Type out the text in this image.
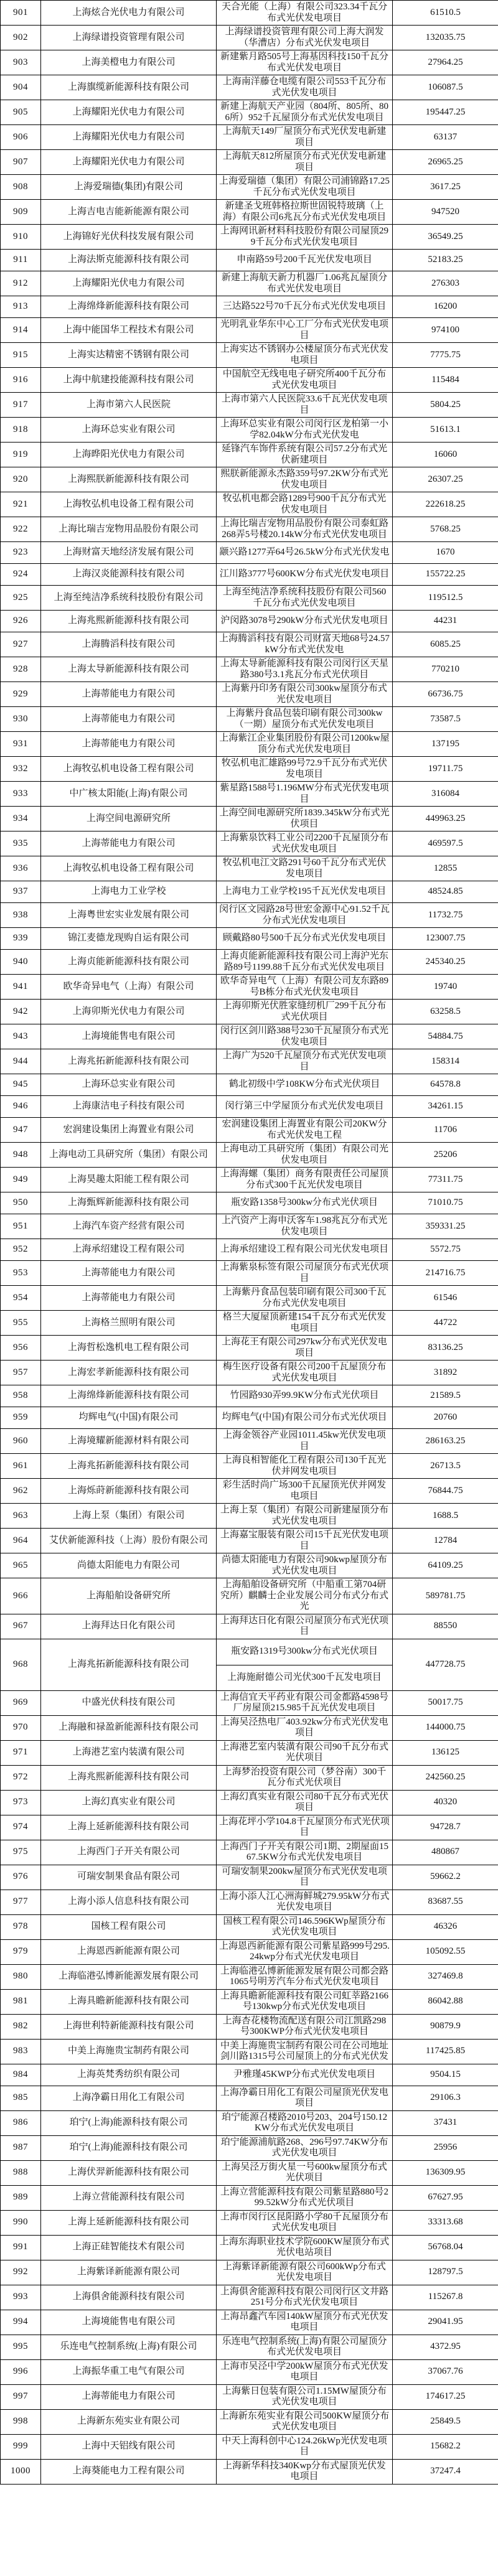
901	上海炫合光伏电力有限公司	天合光能（上海）有限公司323.34千瓦分布式光伏发电项目	61510.5
902	上海绿谱投资管理有限公司	上海绿谱投资管理有限公司上海大润发（华漕店）分布式光伏发电项目	132035.75
903	上海美橙电力有限公司	新建紫月路505号上海基因科技150千瓦分布式光伏发电项目	27964.25
904	上海旗缆新能源科技有限公司	上海南洋藤仓电缆有限公司553千瓦分布式光伏发电项目	106087.5
905	上海耀阳光伏电力有限公司	新建上海航天产业园（804所、805所、806所）952千瓦屋顶分布式光伏发电项目	195447.25
906	上海耀阳光伏电力有限公司	上海航天149厂屋顶分布式光伏发电新建项目	63137
907	上海耀阳光伏电力有限公司	上海航天812所屋顶分布式光伏发电新建项目	26965.25
908	上海爱瑞德(集团)有限公司	上海爱瑞德（集团）有限公司浦锦路17.25千瓦分布式光伏发电项目	3617.25
909	上海吉电吉能新能源有限公司	新建圣戈班韩格拉斯世固锐特玻璃（上海）有限公司6兆瓦分布式光伏发电项目	947520
910	上海锦好光伏科技发展有限公司	上海网讯新材料科技股份有限公司屋顶299千瓦分布式光伏发电项目	36549.25
911	上海法斯克能源科技有限公司	申南路59号200千瓦光伏发电项目	52183.25
912	上海耀阳光伏电力有限公司	新建上海航天新力机器厂1.06兆瓦屋顶分布式光伏发电项目	276303
913	上海绵烽新能源科技有限公司	三达路522号70千瓦分布式光伏发电项目	16200
914	上海中能国华工程技术有限公司	光明乳业华东中心工厂分布式光伏发电项目	974100
915	上海实达精密不锈钢有限公司	上海实达不锈钢办公楼屋顶分布式光伏发电项目	7775.75
916	上海中航建投能源科技有限公司	中国航空无线电电子研究所400千瓦分布式光伏发电项目	115484
917	上海市第六人民医院	上海市第六人民医院33.6千瓦光伏发电项目	5804.25
918	上海环总实业有限公司	上海环总实业有限公司闵行区龙柏第一小学82.04kW分布式光伏发电	51613.1
919	上海晔阳光伏电力有限公司	延锋汽车饰件系统有限公司57.2分布式光伏新建项目	16060
920	上海熙朕新能源科技有限公司	熙朕新能源永杰路359号97.2KW分布式光伏发电项目	26307.25
921	上海牧弘机电设备工程有限公司	牧弘机电都会路1289号900千瓦分布式光伏发电项目	222618.25
922	上海比瑞吉宠物用品股份有限公司	上海比瑞吉宠物用品股份有限公司泰虹路268弄5号楼20.14kW分布式光伏发电项目	5768.25
923	上海财富天地经济发展有限公司	颛兴路1277弄64号26.5kW分布式光伏发电	1670
924	上海汉炎能源科技有限公司	江川路3777号600KW分布式光伏发电项目	155722.25
925	上海至纯洁净系统科技股份有限公司	上海至纯洁净系统科技股份有限公司560千瓦分布式光伏发电项目	119512.5
926	上海兆熙新能源科技有限公司	沪闵路3078号290kW分布式光伏发电项目	44231
927	上海腾滔科技有限公司	上海腾滔科技有限公司财富天地68号24.57kW分布式光伏发电	6085.25
928	上海太导新能源科技有限公司	上海太导新能源科技有限公司闵行区天星路380号3.1兆瓦分布式光伏项目	770210
929	上海蒂能电力有限公司	上海紫丹印务有限公司300kw屋顶分布式光伏发电项目	66736.75
930	上海蒂能电力有限公司	上海紫丹食品包装印刷有限公司300kw（一期）屋顶分布式光伏发电项目	73587.5
931	上海蒂能电力有限公司	上海紫江企业集团股份有限公司1200kw屋顶分布式光伏发电项目	137195
932	上海牧弘机电设备工程有限公司	牧弘机电汇雄路99号72.9千瓦分布式光伏发电项目	19711.75
933	中广核太阳能(上海)有限公司	紫星路1588号1.196MW分布式光伏发电项目	316084
934	上海空间电源研究所	上海空间电源研究所1839.345kW分布式光伏项目	449963.25
935	上海蒂能电力有限公司	上海紫泉饮料工业公司2200千瓦屋顶分布式光伏发电项目	469597.5
936	上海牧弘机电设备工程有限公司	牧弘机电江文路291号60千瓦分布式光伏发电项目	12855
937	上海电力工业学校	上海电力工业学校195千瓦光伏发电项目	48524.85
938	上海粤世宏实业发展有限公司	闵行区文园路28号世宏金源中心91.52千瓦分布式光伏发电项目	11732.75
939	锦江麦德龙现购自运有限公司	顾戴路80号500千瓦分布式光伏发电项目	123007.75
940	上海贞能新能源科技有限公司	上海贞能新能源科技有限公司上海沪光东路89号1199.88千瓦分布式光伏发电项目	245340.25
941	欧华奇异电气（上海）有限公司	欧华奇异电气（上海）有限公司友东路89号B栋分布式光伏发电项目	19740
942	上海卯斯光伏电力有限公司	上海卯斯光伏胜家缝纫机厂299千瓦分布式光伏项目	63258.5
943	上海境能售电有限公司	闵行区剑川路388号230千瓦屋顶分布式光伏发电项目	54884.75
944	上海兆拓新能源科技有限公司	上海广为520千瓦屋顶分布式光伏发电项目	158314
945	上海环总实业有限公司	鹤北初级中学108KW分布式光伏项目	64578.8
946	上海康洁电子科技有限公司	闵行第三中学屋顶分布式光伏发电项目	34261.15
947	宏润建设集团上海置业有限公司	宏润建设集团上海置业有限公司20KW分布式光伏发电工程	11706
948	上海电动工具研究所（集团）有限公司	上海电动工具研究所（集团）有限公司光伏发电项目	25206
949	上海昊趣太阳能工程有限公司	上海海螺（集团）商务有限责任公司屋顶分布式300千瓦光伏发电项目	77311.75
950	上海甄辉新能源科技有限公司	瓶安路1358号300kw分布式光伏项目	71010.75
951	上海汽车资产经营有限公司	上汽资产上海申沃客车1.98兆瓦分布式光伏发电项目	359331.25
952	上海承绍建设工程有限公司	上海承绍建设工程有限公司光伏发电项目	5572.75
953	上海蒂能电力有限公司	上海紫泉标签有限公司屋顶分布式光伏项目	214716.75
954	上海蒂能电力有限公司	上海紫丹食品包装印刷有限公司300千瓦分布式光伏发电项目	61546
955	上海格兰照明有限公司	格兰大厦屋顶新建154千瓦分布式光伏发电项目	44722
956	上海哲松逸机电工程有限公司	上海花王有限公司297kw分布式光伏发电项目	83136.25
957	上海宏孝新能源科技有限公司	梅生医疗设备有限公司200千瓦屋顶分布式光伏发电项目	31892
958	上海绵烽新能源科技有限公司	竹园路930弄99.9KW分布式光伏项目	21589.5
959	均辉电气(中国)有限公司	均辉电气(中国)有限公司分布式光伏项目	20760
960	上海境耀新能源材料有限公司	上海金领谷产业园1011.45kw光伏发电项目	286163.25
961	上海兆拓新能源科技有限公司	上海良相智能化工程有限公司130千瓦光伏并网发电项目	26713.5
962	上海烁莳新能源科技有限公司	彩生活时尚广场300千瓦屋顶光伏并网发电项目	76844.75
963	上海上泵（集团）有限公司	上海上泵（集团）有限公司新建屋顶分布式光伏发电项目	1688.5
964	艾伏新能源科技（上海）股份有限公司	上海嘉宝服装有限公司15千瓦光伏发电项目	12784
965	尚德太阳能电力有限公司	尚德太阳能电力有限公司90kwp屋顶分布式光伏发电项目	64109.25
966	上海船舶设备研究所	上海船舶设备研究所（中船重工第704研究所）麒麟士企业发展公司分布式分布式光	589781.75
967	上海拜达日化有限公司	上海拜达日化有限公司屋顶分布式光伏项目	88550
968	上海兆拓新能源科技有限公司	瓶安路1319号300kw分布式光伏项目
上海施耐德公司光伏300千瓦发电项目	447728.75
969	中盛光伏科技有限公司	上海信宜天平药业有限公司金都路4598号厂房屋顶215.985千瓦光伏发电项目	50017.75
970	上海融和禄盈新能源科技有限公司	上海吴泾热电厂403.92kw分布式光伏发电项目	144000.75
971	上海港艺室内装潢有限公司	上海港艺室内装潢有限公司90千瓦分布式光伏项目	136125
972	上海兆熙新能源科技有限公司	上海梦治投资有限公司（梦谷南）300千瓦分布式光伏项目	242560.25
973	上海幻真实业有限公司	上海幻真实业有限公司80千瓦分布式光伏项目	40320
974	上海上延新能源科技有限公司	上海花坪小学104.8千瓦屋顶分布式光伏项目	94728.7
975	上海西门子开关有限公司	上海西门子开关有限公司1期、2期屋面1567.5KW分布式光伏发电项目	480867
976	可瑞安制果食品有限公司	可瑞安制果200kw屋顶分布式光伏发电项目	59662.2
977	上海小添人信息科技有限公司	上海小添人江心洲海鲜城279.95kW分布式光伏发电项目	83687.55
978	国核工程有限公司	国核工程有限公司146.596KWp屋顶分布式光伏发电项目	46326
979	上海恩西新能源有限公司	上海恩西新能源有限公司紫星路999号295.24kwp分布式光伏发电项目	105092.55
980	上海临港弘博新能源发展有限公司	上海临港弘博新能源发展有限公司都会路1065号明芳汽车分布式光伏发电项目	327469.8
981	上海具瞻新能源科技有限公司	上海具瞻新能源科技有限公司虹莘路2166号130kwp分布式光伏发电项目	86042.88
982	上海世利特新能源科技有限公司	上海杏花楼物流配送有限公司江凯路298号300KWP分布式光伏发电项目	90879.9
983	中美上海施贵宝制药有限公司	中美上海施贵宝制药有限公司在公司地址剑川路1315号公司屋顶上的分布式光伏发	117425.85
984	上海英梵秀纺织有限公司	尹雅瑾45KWP分布式光伏发电项目	9504.15
985	上海净霸日用化工有限公司	上海净霸日用化工有限公司屋顶光伏发电项目	29106.3
986	珀宁(上海)能源科技有限公司	珀宁能源召楼路2010号203、204号150.12KW分布式光伏发电项目	37431
987	珀宁(上海)能源科技有限公司	珀宁能源浦航路268、296号97.74KW分布式光伏发电项目	25956
988	上海伏羿新能源科技有限公司	上海吴泾万街火星一号600kw屋顶分布式光伏项目	136309.95
989	上海立营能源科技有限公司	上海立营能源科技有限公司紫星路880号299.52kW分布式光伏项目	67627.95
990	上海上延新能源科技有限公司	上海市闵行区昆阳路小学80千瓦屋顶分布式光伏发电项目	33313.68
991	上海正硅智能技术有限公司	上海东海职业技术学院600KW屋顶分布式光伏电站项目	56768.04
992	上海紫译新能源有限公司	上海紫译新能源有限公司600kWp分布式光伏发电项目	128797.5
993	上海俱舍能源科技有限公司	上海俱舍能源科技有限公司闵行区文井路251号分布式光伏发电项目	115267.8
994	上海境能售电有限公司	上海昂鑫汽车园140kW屋顶分布式光伏发电项目	29041.95
995	乐连电气控制系统(上海)有限公司	乐连电气控制系统(上海)有限公司屋顶分布式光伏发电项目	4372.95
996	上海振华重工电气有限公司	上海市吴泾中学200kW屋顶分布式光伏发电项目	37067.76
997	上海蒂能电力有限公司	上海紫日包装有限公司1.15MW屋顶分布式光伏发电项目	174617.25
998	上海新东苑实业有限公司	上海新东苑实业有限公司500KW屋顶分布式光伏发电项目	25849.5
999	上海中天铝线有限公司	中天上海科创中心124.26kWp光伏发电项目	15682.2
1000	上海葵能电力工程有限公司	上海新华科技340Kwp分布式屋顶光伏发电项目	37247.4
